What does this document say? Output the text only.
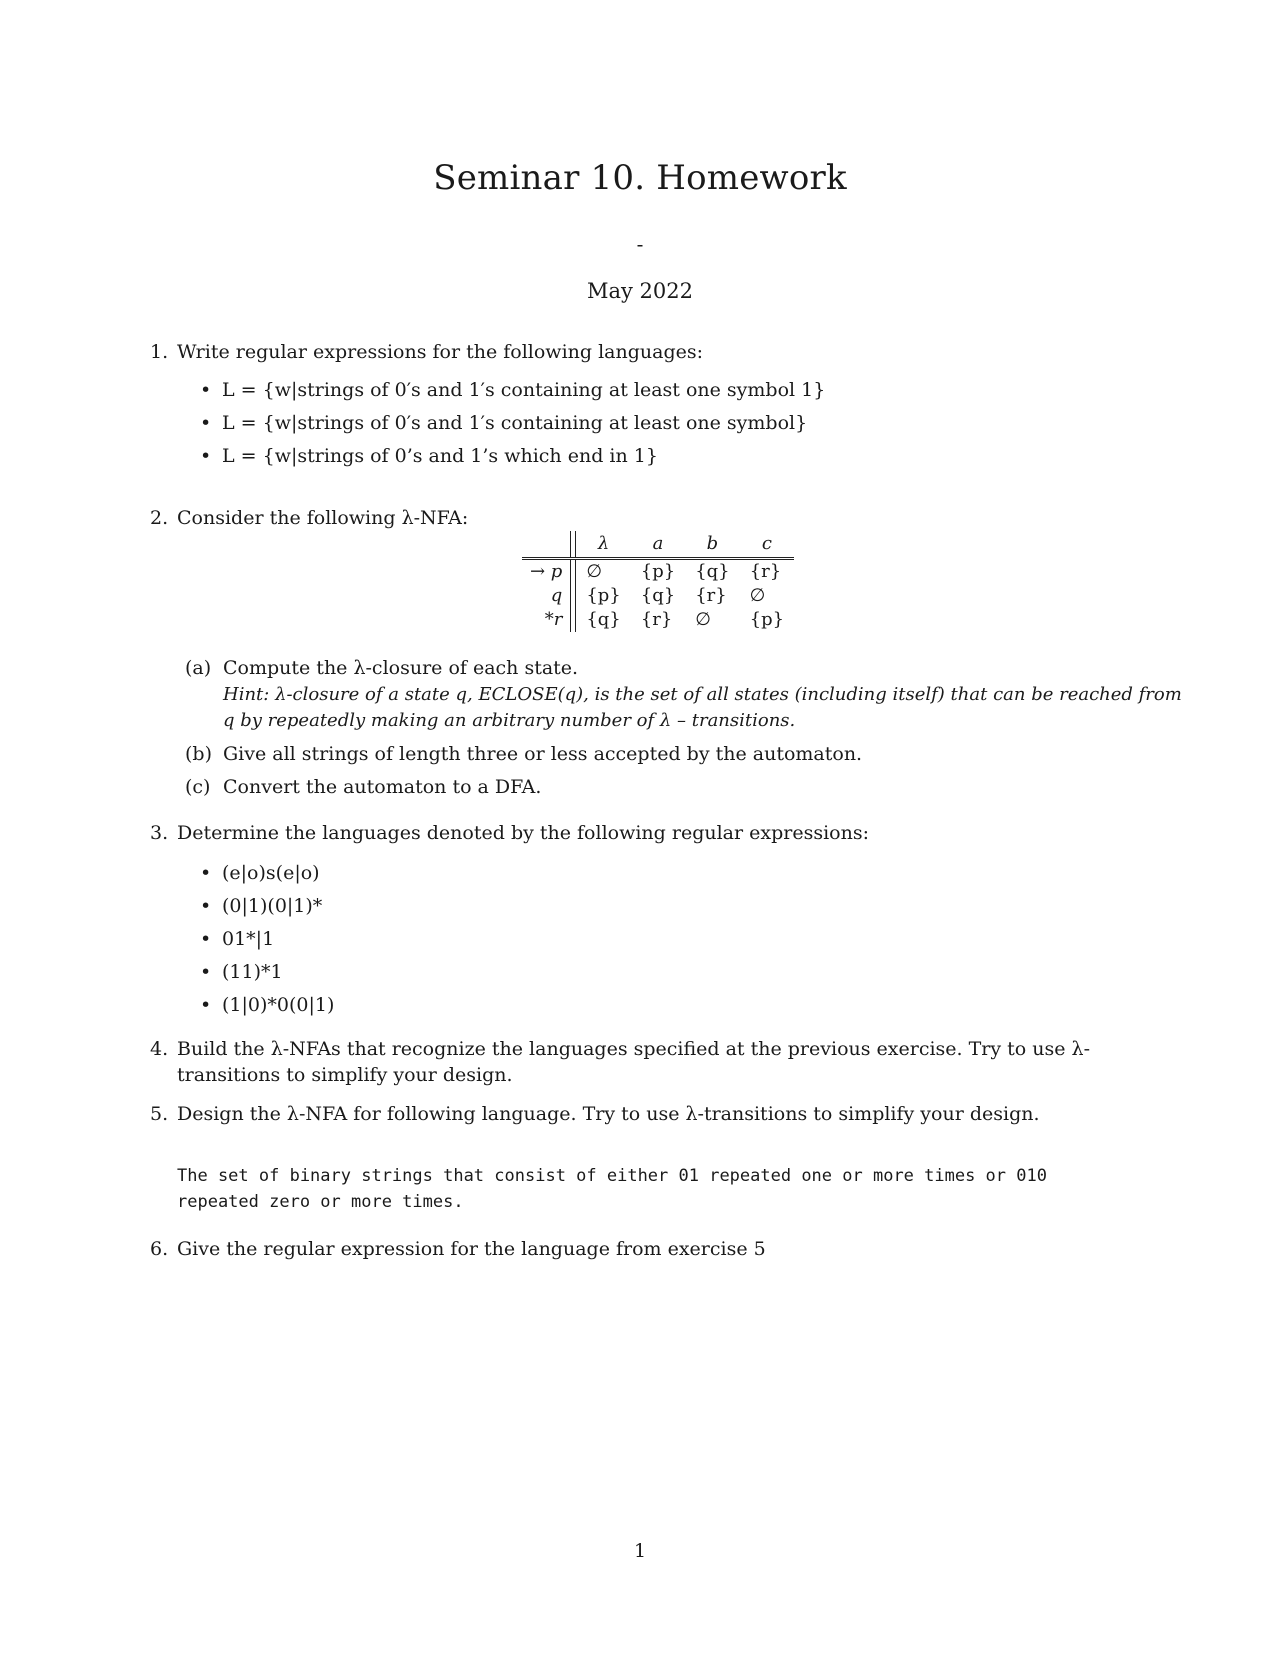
Seminar 10. Homework
-
May 2022
1. Write regular expressions for the following languages:
• L = {w|strings of 0′s and 1′s containing at least one symbol 1}
• L = {w|strings of 0′s and 1′s containing at least one symbol}
• L = {w|strings of 0’s and 1’s which end in 1}
2. Consider the following λ-NFA:
		λ	a	b	c
→ p		∅	{p}	{q}	{r}
q		{p}	{q}	{r}	∅
*r		{q}	{r}	∅	{p}
(a) Compute the λ-closure of each state.
Hint: λ-closure of a state q, ECLOSE(q), is the set of all states (including itself) that can be reached from q by repeatedly making an arbitrary number of λ – transitions.
(b) Give all strings of length three or less accepted by the automaton.
(c) Convert the automaton to a DFA.
3. Determine the languages denoted by the following regular expressions:
• (e|o)s(e|o)
• (0|1)(0|1)*
• 01*|1
• (11)*1
• (1|0)*0(0|1)
4. Build the λ-NFAs that recognize the languages specified at the previous exercise. Try to use λ-transitions to simplify your design.
5. Design the λ-NFA for following language. Try to use λ-transitions to simplify your design.
The set of binary strings that consist of either 01 repeated one or more times or 010 repeated zero or more times.
6. Give the regular expression for the language from exercise 5
1
